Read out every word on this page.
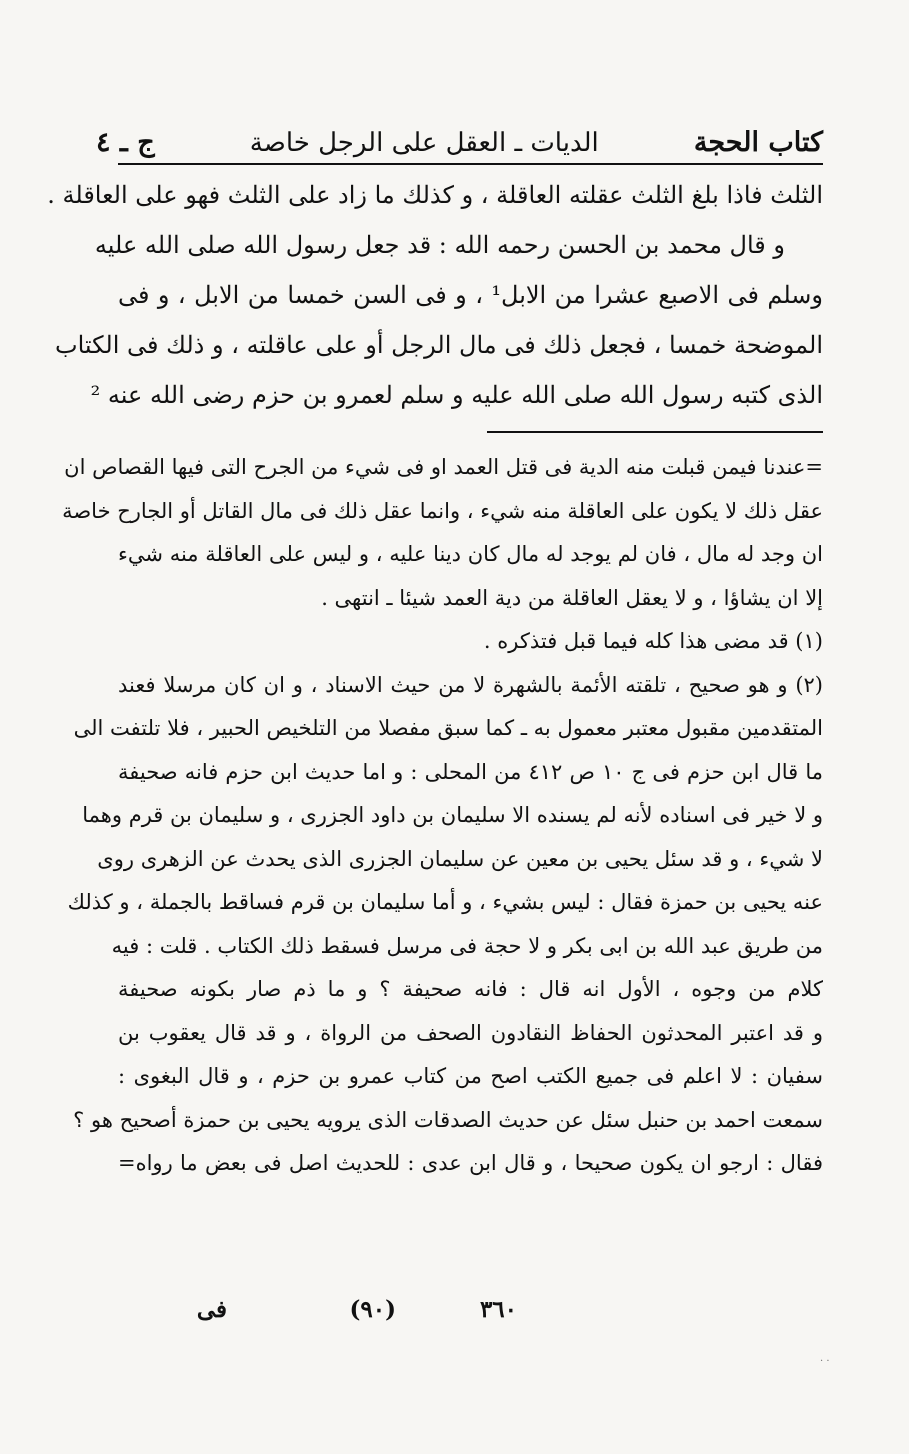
كتاب الحجة
الديات ـ العقل على الرجل خاصة
ج ـ ٤

الثلث فاذا بلغ الثلث عقلته العاقلة ، و كذلك ما زاد على الثلث فهو على العاقلة .

و قال محمد بن الحسن رحمه الله : قد جعل رسول الله صلى الله عليه

وسلم فى الاصبع عشرا من الابل¹ ، و فى السن خمسا من الابل ، و فى

الموضحة خمسا ، فجعل ذلك فى مال الرجل أو على عاقلته ، و ذلك فى الكتاب

الذى كتبه رسول الله صلى الله عليه و سلم لعمرو بن حزم رضى الله عنه ²

=عندنا فيمن قبلت منه الدية فى قتل العمد او فى شيء من الجرح التى فيها القصاص ان

عقل ذلك لا يكون على العاقلة منه شيء ، وانما عقل ذلك فى مال القاتل أو الجارح خاصة

ان وجد له مال ، فان لم يوجد له مال كان دينا عليه ، و ليس على العاقلة منه شيء

إلا ان يشاؤا ، و لا يعقل العاقلة من دية العمد شيئا ـ انتهى .

(١) قد مضى هذا كله فيما قبل فتذكره .

(٢) و هو صحيح ، تلقته الأئمة بالشهرة لا من حيث الاسناد ، و ان كان مرسلا فعند

المتقدمين مقبول معتبر معمول به ـ كما سبق مفصلا من التلخيص الحبير ، فلا تلتفت الى

ما قال ابن حزم فى ج ١٠ ص ٤١٢ من المحلى : و اما حديث ابن حزم فانه صحيفة

و لا خير فى اسناده لأنه لم يسنده الا سليمان بن داود الجزرى ، و سليمان بن قرم وهما

لا شيء ، و قد سئل يحيى بن معين عن سليمان الجزرى الذى يحدث عن الزهرى روى

عنه يحيى بن حمزة فقال : ليس بشيء ، و أما سليمان بن قرم فساقط بالجملة ، و كذلك

من طريق عبد الله بن ابى بكر و لا حجة فى مرسل فسقط ذلك الكتاب . قلت : فيه

كلام من وجوه ، الأول انه قال : فانه صحيفة ؟ و ما ذم صار بكونه صحيفة

و قد اعتبر المحدثون الحفاظ النقادون الصحف من الرواة ، و قد قال يعقوب بن

سفيان : لا اعلم فى جميع الكتب اصح من كتاب عمرو بن حزم ، و قال البغوى :

سمعت احمد بن حنبل سئل عن حديث الصدقات الذى يرويه يحيى بن حمزة أصحيح هو ؟

فقال : ارجو ان يكون صحيحا ، و قال ابن عدى : للحديث اصل فى بعض ما رواه=

٣٦٠
(٩٠)
فى
· ·
